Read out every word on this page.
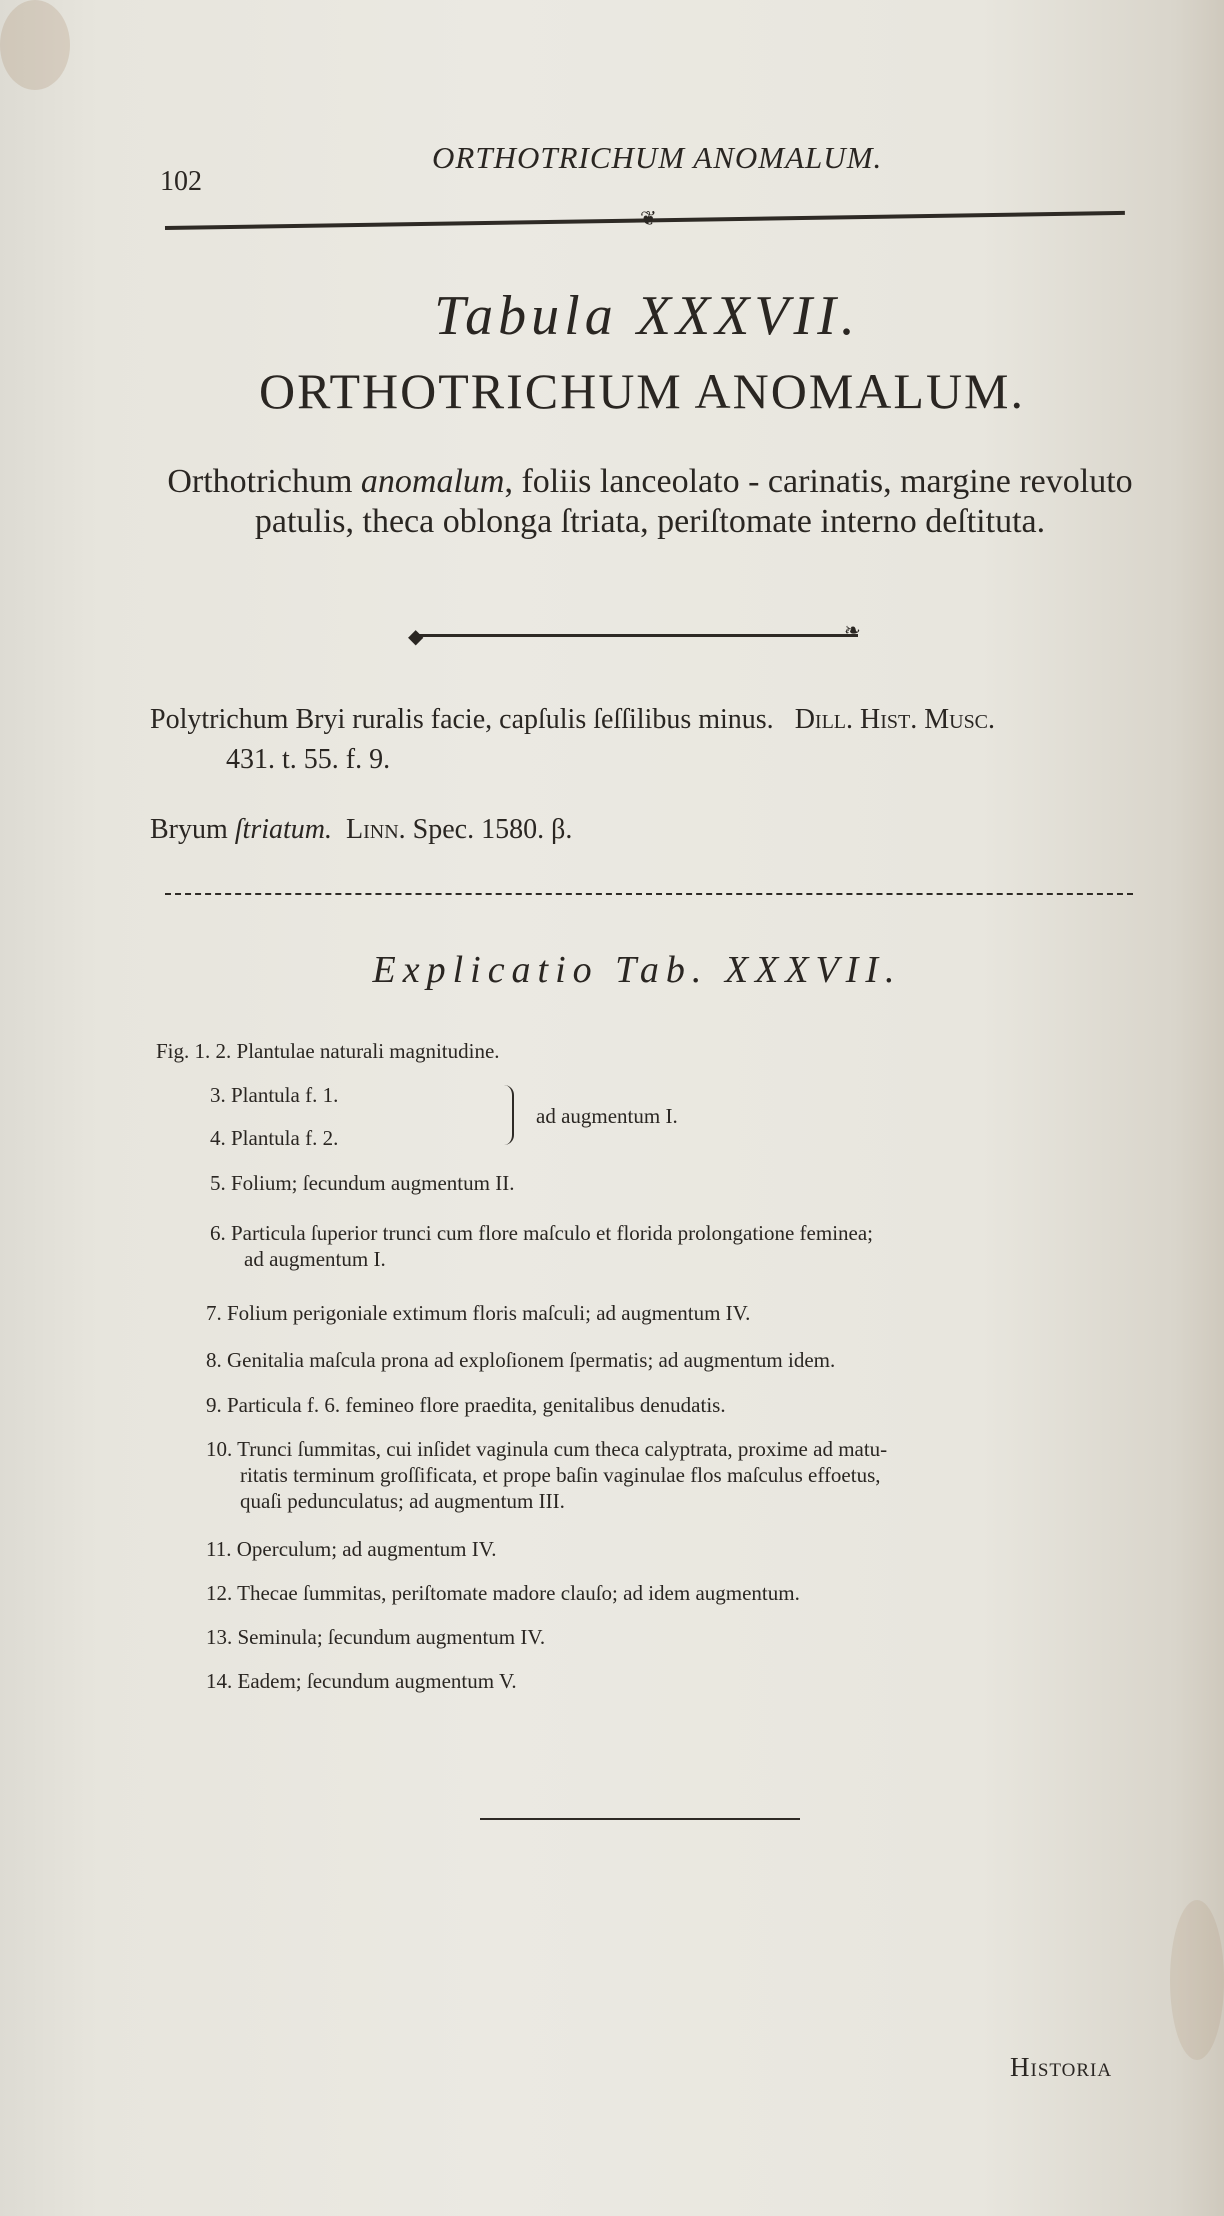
102
ORTHOTRICHUM ANOMALUM.
❦
Tabula XXXVII.
ORTHOTRICHUM ANOMALUM.
Orthotrichum anomalum, foliis lanceolato - carinatis, margine revoluto patulis, theca oblonga ſtriata, periſtomate interno deſtituta.
◆	❧
Polytrichum Bryi ruralis facie, capſulis ſeſſilibus minus. Dill. Hiſt. Muſc.
431. t. 55. f. 9.
Bryum ſtriatum. Linn. Spec. 1580. β.
Explicatio Tab. XXXVII.
Fig. 1. 2. Plantulae naturali magnitudine.
3. Plantula f. 1.
4. Plantula f. 2.
ad augmentum I.
5. Folium; ſecundum augmentum II.
6. Particula ſuperior trunci cum flore maſculo et florida prolongatione feminea;
ad augmentum I.
7. Folium perigoniale extimum floris maſculi; ad augmentum IV.
8. Genitalia maſcula prona ad exploſionem ſpermatis; ad augmentum idem.
9. Particula f. 6. femineo flore praedita, genitalibus denudatis.
10. Trunci ſummitas, cui inſidet vaginula cum theca calyptrata, proxime ad matu-
ritatis terminum groſſificata, et prope baſin vaginulae flos maſculus effoetus,
quaſi pedunculatus; ad augmentum III.
11. Operculum; ad augmentum IV.
12. Thecae ſummitas, periſtomate madore clauſo; ad idem augmentum.
13. Seminula; ſecundum augmentum IV.
14. Eadem; ſecundum augmentum V.
Historia
